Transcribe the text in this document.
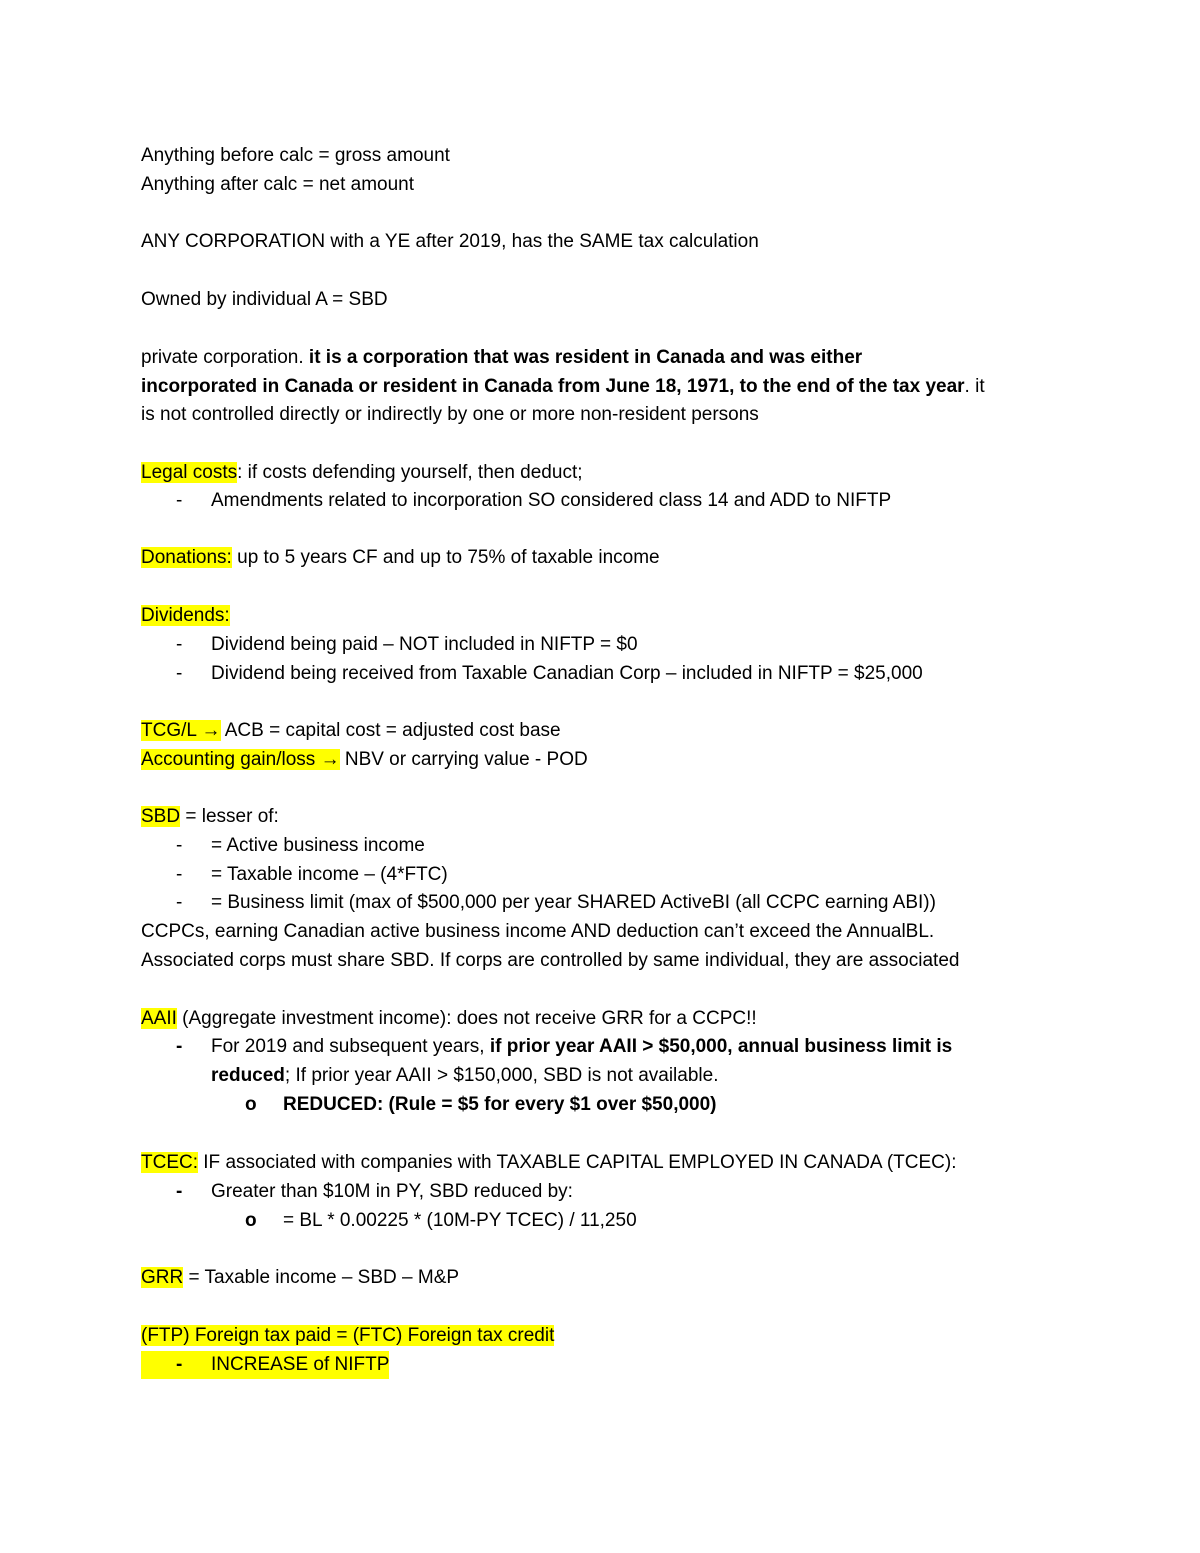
Anything before calc = gross amount
Anything after calc = net amount
ANY CORPORATION with a YE after 2019, has the SAME tax calculation
Owned by individual A = SBD
private corporation. it is a corporation that was resident in Canada and was either
incorporated in Canada or resident in Canada from June 18, 1971, to the end of the tax year. it
is not controlled directly or indirectly by one or more non-resident persons
Legal costs: if costs defending yourself, then deduct;
- Amendments related to incorporation SO considered class 14 and ADD to NIFTP
Donations: up to 5 years CF and up to 75% of taxable income
Dividends:
- Dividend being paid – NOT included in NIFTP = $0
- Dividend being received from Taxable Canadian Corp – included in NIFTP = $25,000
TCG/L → ACB = capital cost = adjusted cost base
Accounting gain/loss → NBV or carrying value - POD
SBD = lesser of:
- = Active business income
- = Taxable income – (4*FTC)
- = Business limit (max of $500,000 per year SHARED ActiveBI (all CCPC earning ABI))
CCPCs, earning Canadian active business income AND deduction can’t exceed the AnnualBL.
Associated corps must share SBD. If corps are controlled by same individual, they are associated
AAII (Aggregate investment income): does not receive GRR for a CCPC!!
- For 2019 and subsequent years, if prior year AAII > $50,000, annual business limit is
reduced; If prior year AAII > $150,000, SBD is not available.
o REDUCED: (Rule = $5 for every $1 over $50,000)
TCEC: IF associated with companies with TAXABLE CAPITAL EMPLOYED IN CANADA (TCEC):
- Greater than $10M in PY, SBD reduced by:
o = BL * 0.00225 * (10M-PY TCEC) / 11,250
GRR = Taxable income – SBD – M&P
(FTP) Foreign tax paid = (FTC) Foreign tax credit
- INCREASE of NIFTP
